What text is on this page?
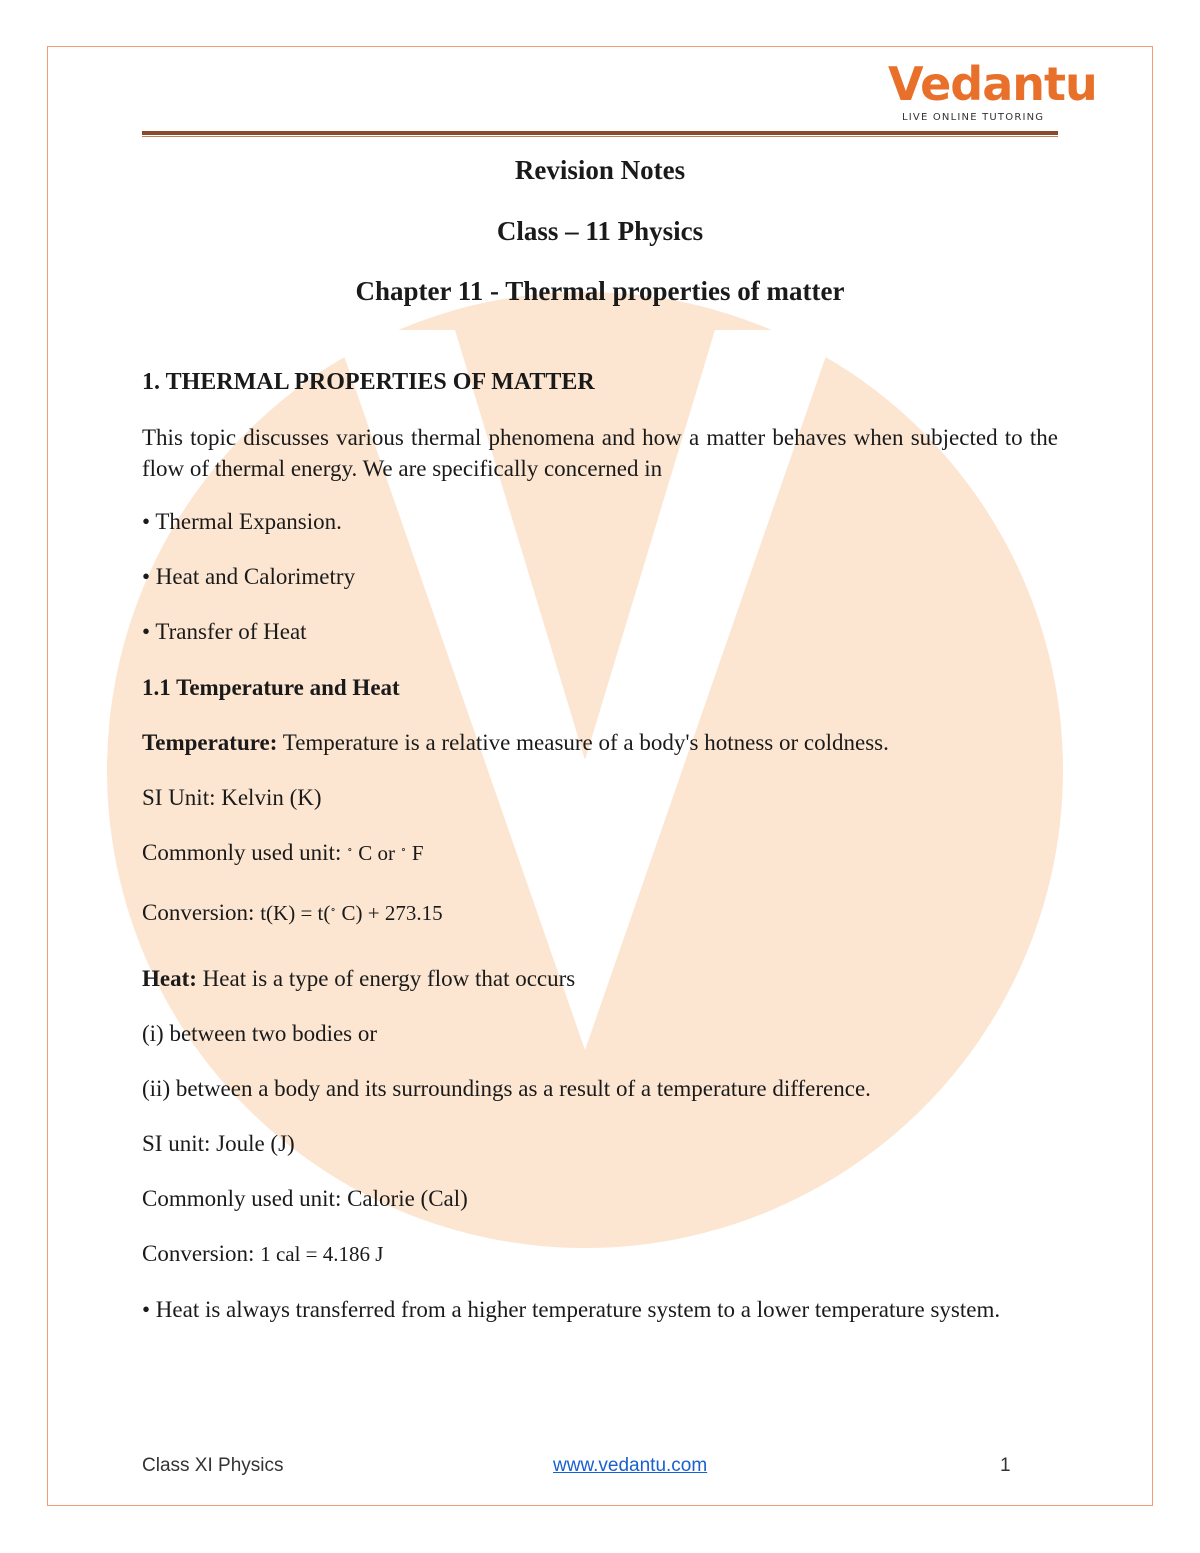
Vedantu
LIVE ONLINE TUTORING

Revision Notes

Class – 11 Physics

Chapter 11 - Thermal properties of matter

1. THERMAL PROPERTIES OF MATTER

This topic discusses various thermal phenomena and how a matter behaves when subjected to the flow of thermal energy. We are specifically concerned in

• Thermal Expansion.

• Heat and Calorimetry

• Transfer of Heat

1.1 Temperature and Heat

Temperature: Temperature is a relative measure of a body's hotness or coldness.

SI Unit: Kelvin (K)

Commonly used unit: ∘ C or ∘ F

Conversion: t(K) = t(∘ C) + 273.15

Heat: Heat is a type of energy flow that occurs

(i) between two bodies or

(ii) between a body and its surroundings as a result of a temperature difference.

SI unit: Joule (J)

Commonly used unit: Calorie (Cal)

Conversion: 1 cal = 4.186 J

• Heat is always transferred from a higher temperature system to a lower temperature system.

Class XI Physics	www.vedantu.com	1
